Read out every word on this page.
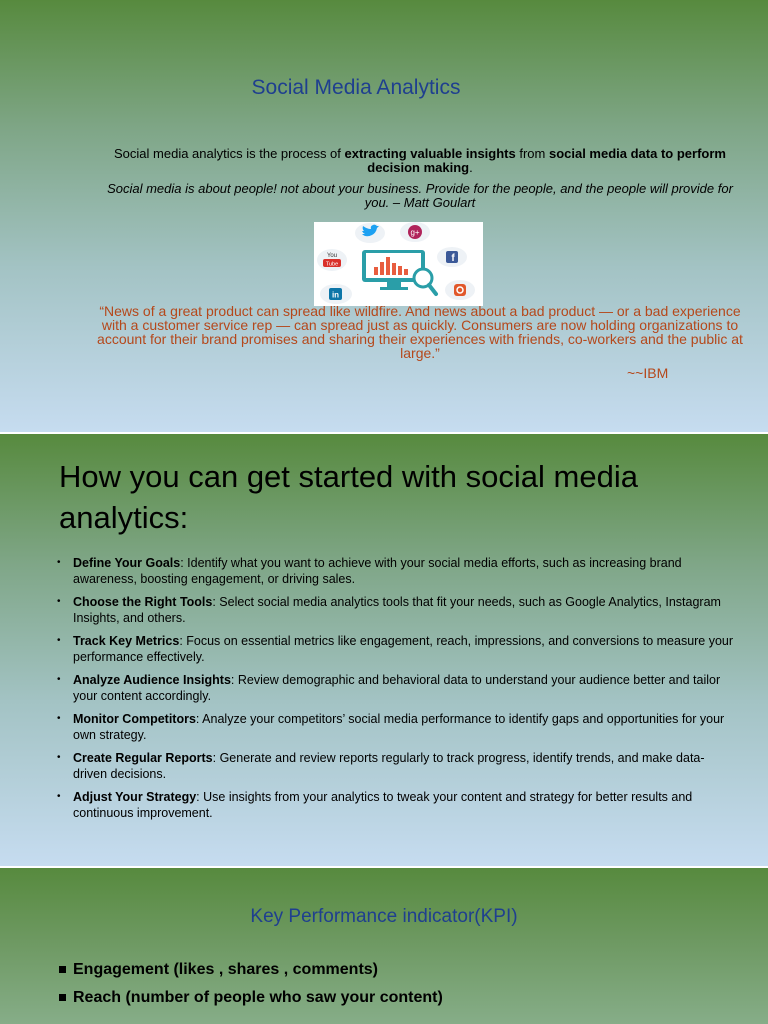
Social Media Analytics
Social media analytics is the process of extracting valuable insights from social media data to perform decision making.
Social media is about people! not about your business. Provide for the people, and the people will provide for you. – Matt Goulart
g+
You
Tube
f
in
“News of a great product can spread like wildfire. And news about a bad product — or a bad experience with a customer service rep — can spread just as quickly. Consumers are now holding organizations to account for their brand promises and sharing their experiences with friends, co-workers and the public at large.”
~~IBM
How you can get started with social media analytics:
• Define Your Goals: Identify what you want to achieve with your social media efforts, such as increasing brand awareness, boosting engagement, or driving sales.
• Choose the Right Tools: Select social media analytics tools that fit your needs, such as Google Analytics, Instagram Insights, and others.
• Track Key Metrics: Focus on essential metrics like engagement, reach, impressions, and conversions to measure your performance effectively.
• Analyze Audience Insights: Review demographic and behavioral data to understand your audience better and tailor your content accordingly.
• Monitor Competitors: Analyze your competitors’ social media performance to identify gaps and opportunities for your own strategy.
• Create Regular Reports: Generate and review reports regularly to track progress, identify trends, and make data-driven decisions.
• Adjust Your Strategy: Use insights from your analytics to tweak your content and strategy for better results and continuous improvement.
Key Performance indicator(KPI)
Engagement (likes , shares , comments)
Reach (number of people who saw your content)
